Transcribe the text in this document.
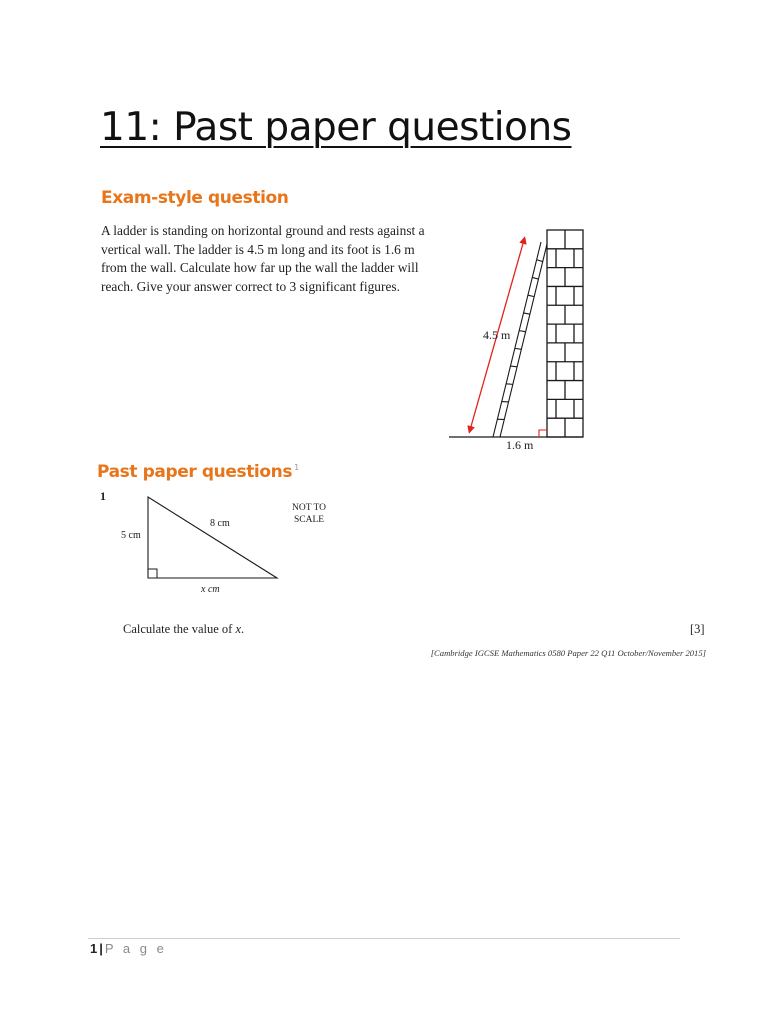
11: Past paper questions
Exam-style question
A ladder is standing on horizontal ground and rests against a vertical wall. The ladder is 4.5 m long and its foot is 1.6 m from the wall. Calculate how far up the wall the ladder will reach. Give your answer correct to 3 significant figures.
4.5 m
1.6 m
Past paper questions $^1$
1
5 cm
8 cm
x cm
NOT TO
SCALE
Calculate the value of x.	[3]
[Cambridge IGCSE Mathematics 0580 Paper 22 Q11 October/November 2015]
1 | P a g e
